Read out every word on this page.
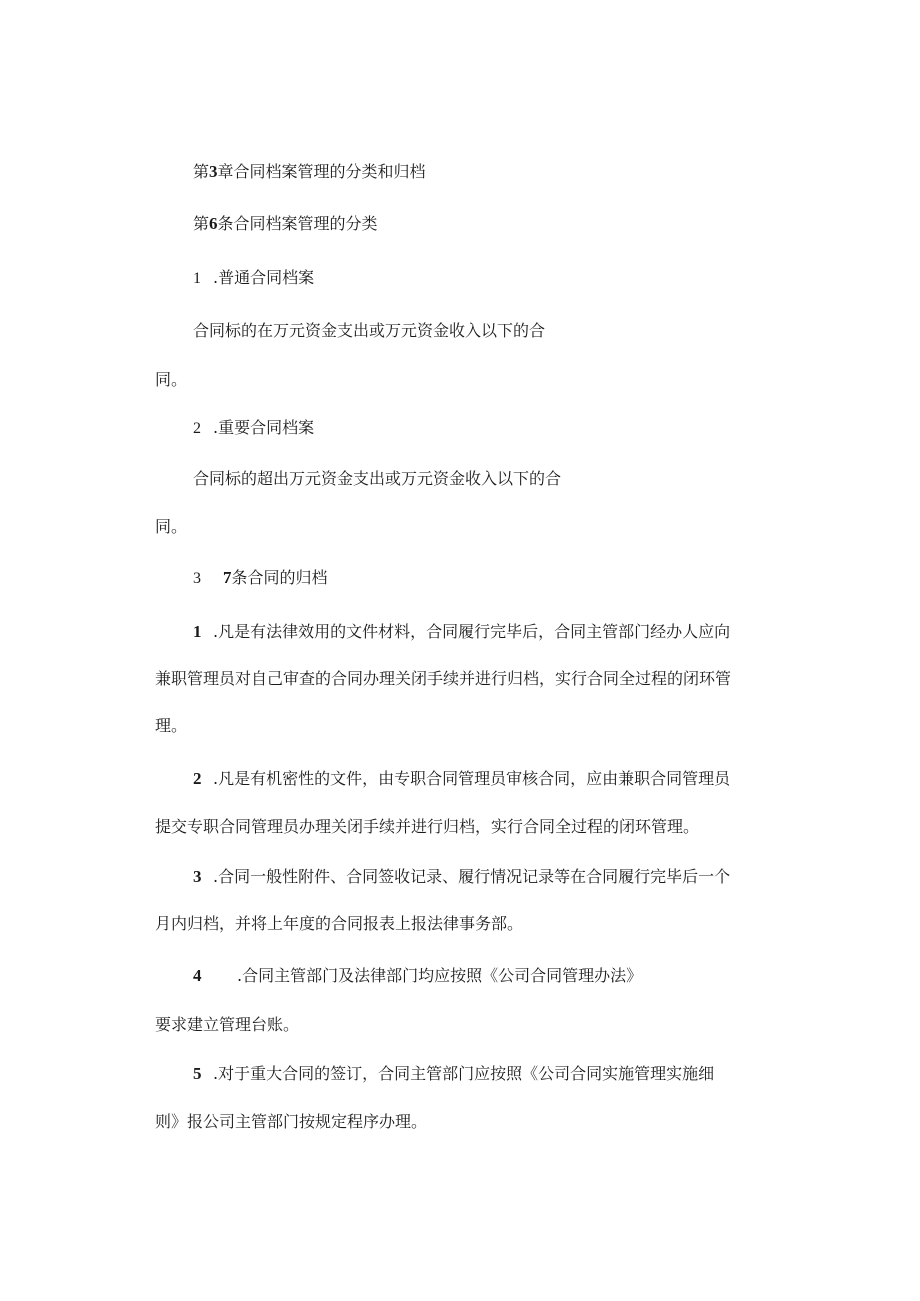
第3章合同档案管理的分类和归档
第6条合同档案管理的分类
1 .普通合同档案
合同标的在万元资金支出或万元资金收入以下的合
同。
2 .重要合同档案
合同标的超出万元资金支出或万元资金收入以下的合
同。
3 7条合同的归档
1 .凡是有法律效用的文件材料，合同履行完毕后，合同主管部门经办人应向
兼职管理员对自己审查的合同办理关闭手续并进行归档，实行合同全过程的闭环管
理。
2 .凡是有机密性的文件，由专职合同管理员审核合同，应由兼职合同管理员
提交专职合同管理员办理关闭手续并进行归档，实行合同全过程的闭环管理。
3 .合同一般性附件、合同签收记录、履行情况记录等在合同履行完毕后一个
月内归档，并将上年度的合同报表上报法律事务部。
4 .合同主管部门及法律部门均应按照《公司合同管理办法》
要求建立管理台账。
5 .对于重大合同的签订，合同主管部门应按照《公司合同实施管理实施细
则》报公司主管部门按规定程序办理。
